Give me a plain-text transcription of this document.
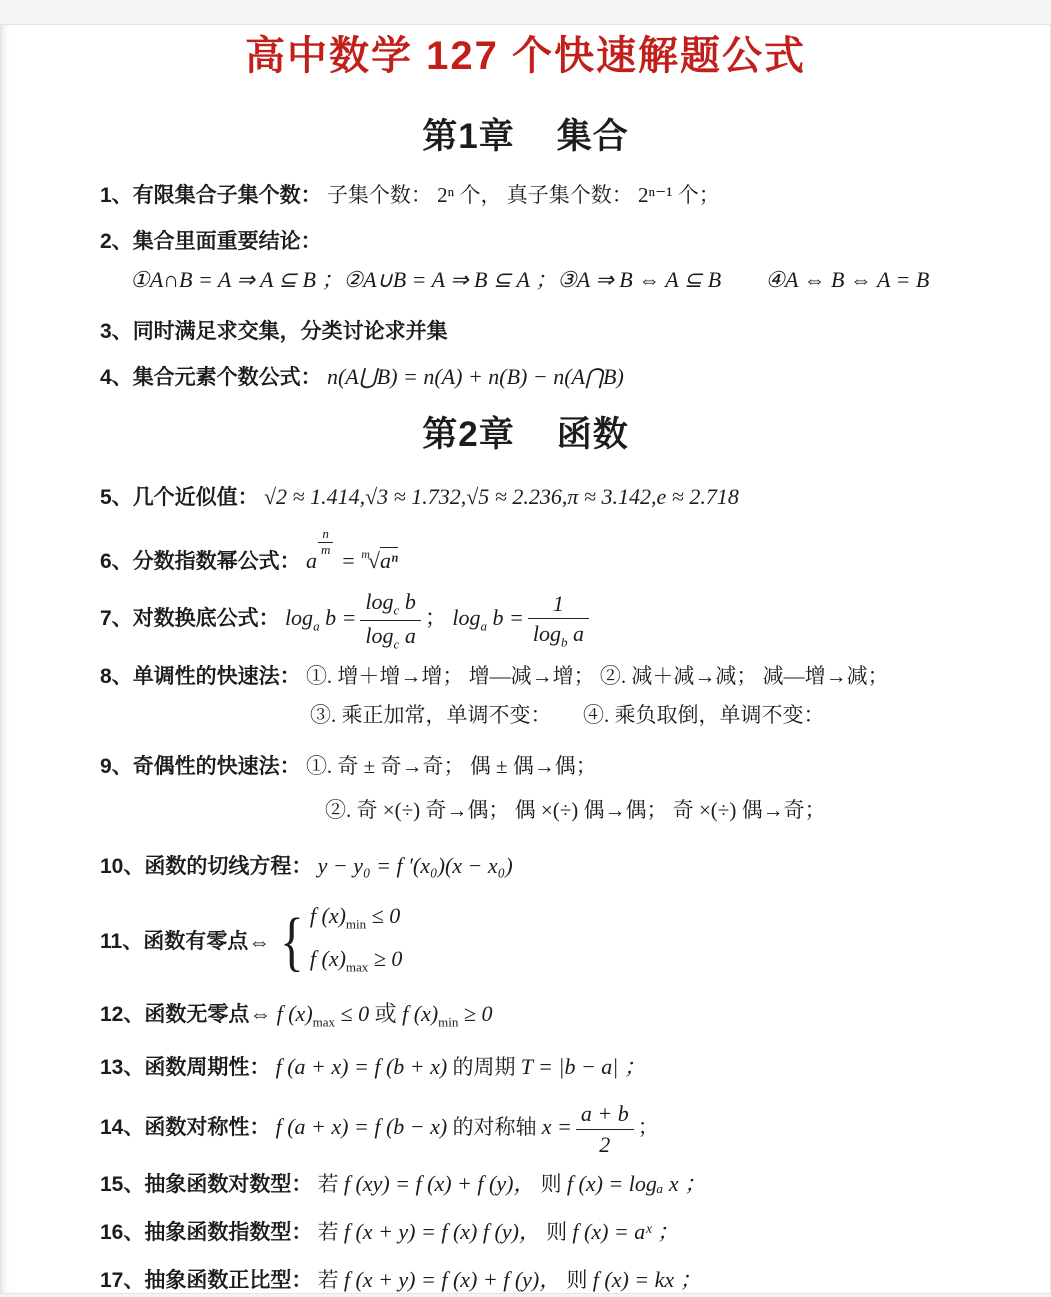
高中数学 127 个快速解题公式
第1章 集合
1、有限集合子集个数： 子集个数： 2ⁿ 个， 真子集个数： 2ⁿ⁻¹ 个；
2、集合里面重要结论：
①A∩B = A ⇒ A ⊆ B ；②A∪B = A ⇒ B ⊆ A ；③A ⇒ B ⇔ A ⊆ B　　④A ⇔ B ⇔ A = B
3、同时满足求交集，分类讨论求并集
4、集合元素个数公式： n(A⋃B) = n(A) + n(B) − n(A⋂B)
第2章 函数
5、几个近似值： √2 ≈ 1.414,√3 ≈ 1.732,√5 ≈ 2.236,π ≈ 3.142,e ≈ 2.718
6、分数指数幂公式： a
$\frac{n}{m}$
= $^m$√aⁿ
7、对数换底公式： $\log_a b = \frac{\log_c b}{\log_c a}$ ； $\log_a b = \frac{1}{\log_b a}$
8、单调性的快速法： ①. 增＋增→增； 增—减→增； ②. 减＋减→减； 减—增→减；
③. 乘正加常，单调不变：　　④. 乘负取倒，单调不变：
9、奇偶性的快速法： ①. 奇 ± 奇→奇； 偶 ± 偶→偶；
②. 奇 ×(÷) 奇→偶； 偶 ×(÷) 偶→偶； 奇 ×(÷) 偶→奇；
10、函数的切线方程： y − y₀ = f ′(x₀)(x − x₀)
11、 函数有零点 ⇔ { f $(x)_{min} \le 0$
f $(x)_{max} \ge 0$
12、函数无零点⇔ f $(x)_{max} \le 0$ 或 f $(x)_{min} \ge 0$
13、函数周期性： f (a + x) = f (b + x) 的周期 T = |b − a| ；
14、函数对称性： f (a + x) = f (b − x) 的对称轴 $x = \frac{a + b}{2}$ ；
15、抽象函数对数型： 若 f (xy) = f (x) + f (y)， 则 f (x) = logₐ x ；
16、抽象函数指数型： 若 f (x + y) = f (x) f (y)， 则 f (x) = aˣ ；
17、抽象函数正比型： 若 f (x + y) = f (x) + f (y)， 则 f (x) = kx ；
